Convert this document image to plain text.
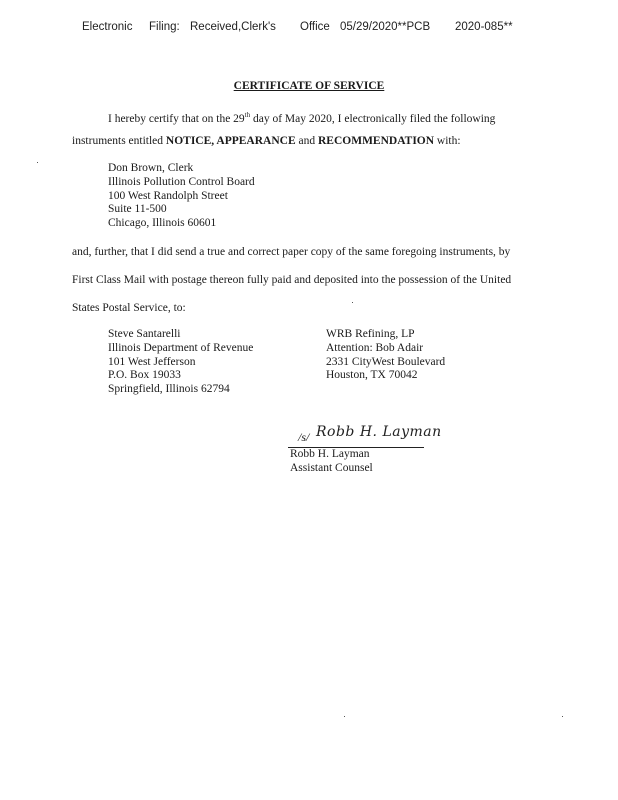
Electronic Filing: Received,Clerk's Office 05/29/2020**PCB 2020-085**
CERTIFICATE OF SERVICE
I hereby certify that on the 29th day of May 2020, I electronically filed the following
instruments entitled NOTICE, APPEARANCE and RECOMMENDATION with:
Don Brown, Clerk
Illinois Pollution Control Board
100 West Randolph Street
Suite 11-500
Chicago, Illinois 60601
and, further, that I did send a true and correct paper copy of the same foregoing instruments, by
First Class Mail with postage thereon fully paid and deposited into the possession of the United
States Postal Service, to:
Steve Santarelli
Illinois Department of Revenue
101 West Jefferson
P.O. Box 19033
Springfield, Illinois 62794
WRB Refining, LP
Attention: Bob Adair
2331 CityWest Boulevard
Houston, TX 70042
/s/ Robb H. Layman
Robb H. Layman
Assistant Counsel
